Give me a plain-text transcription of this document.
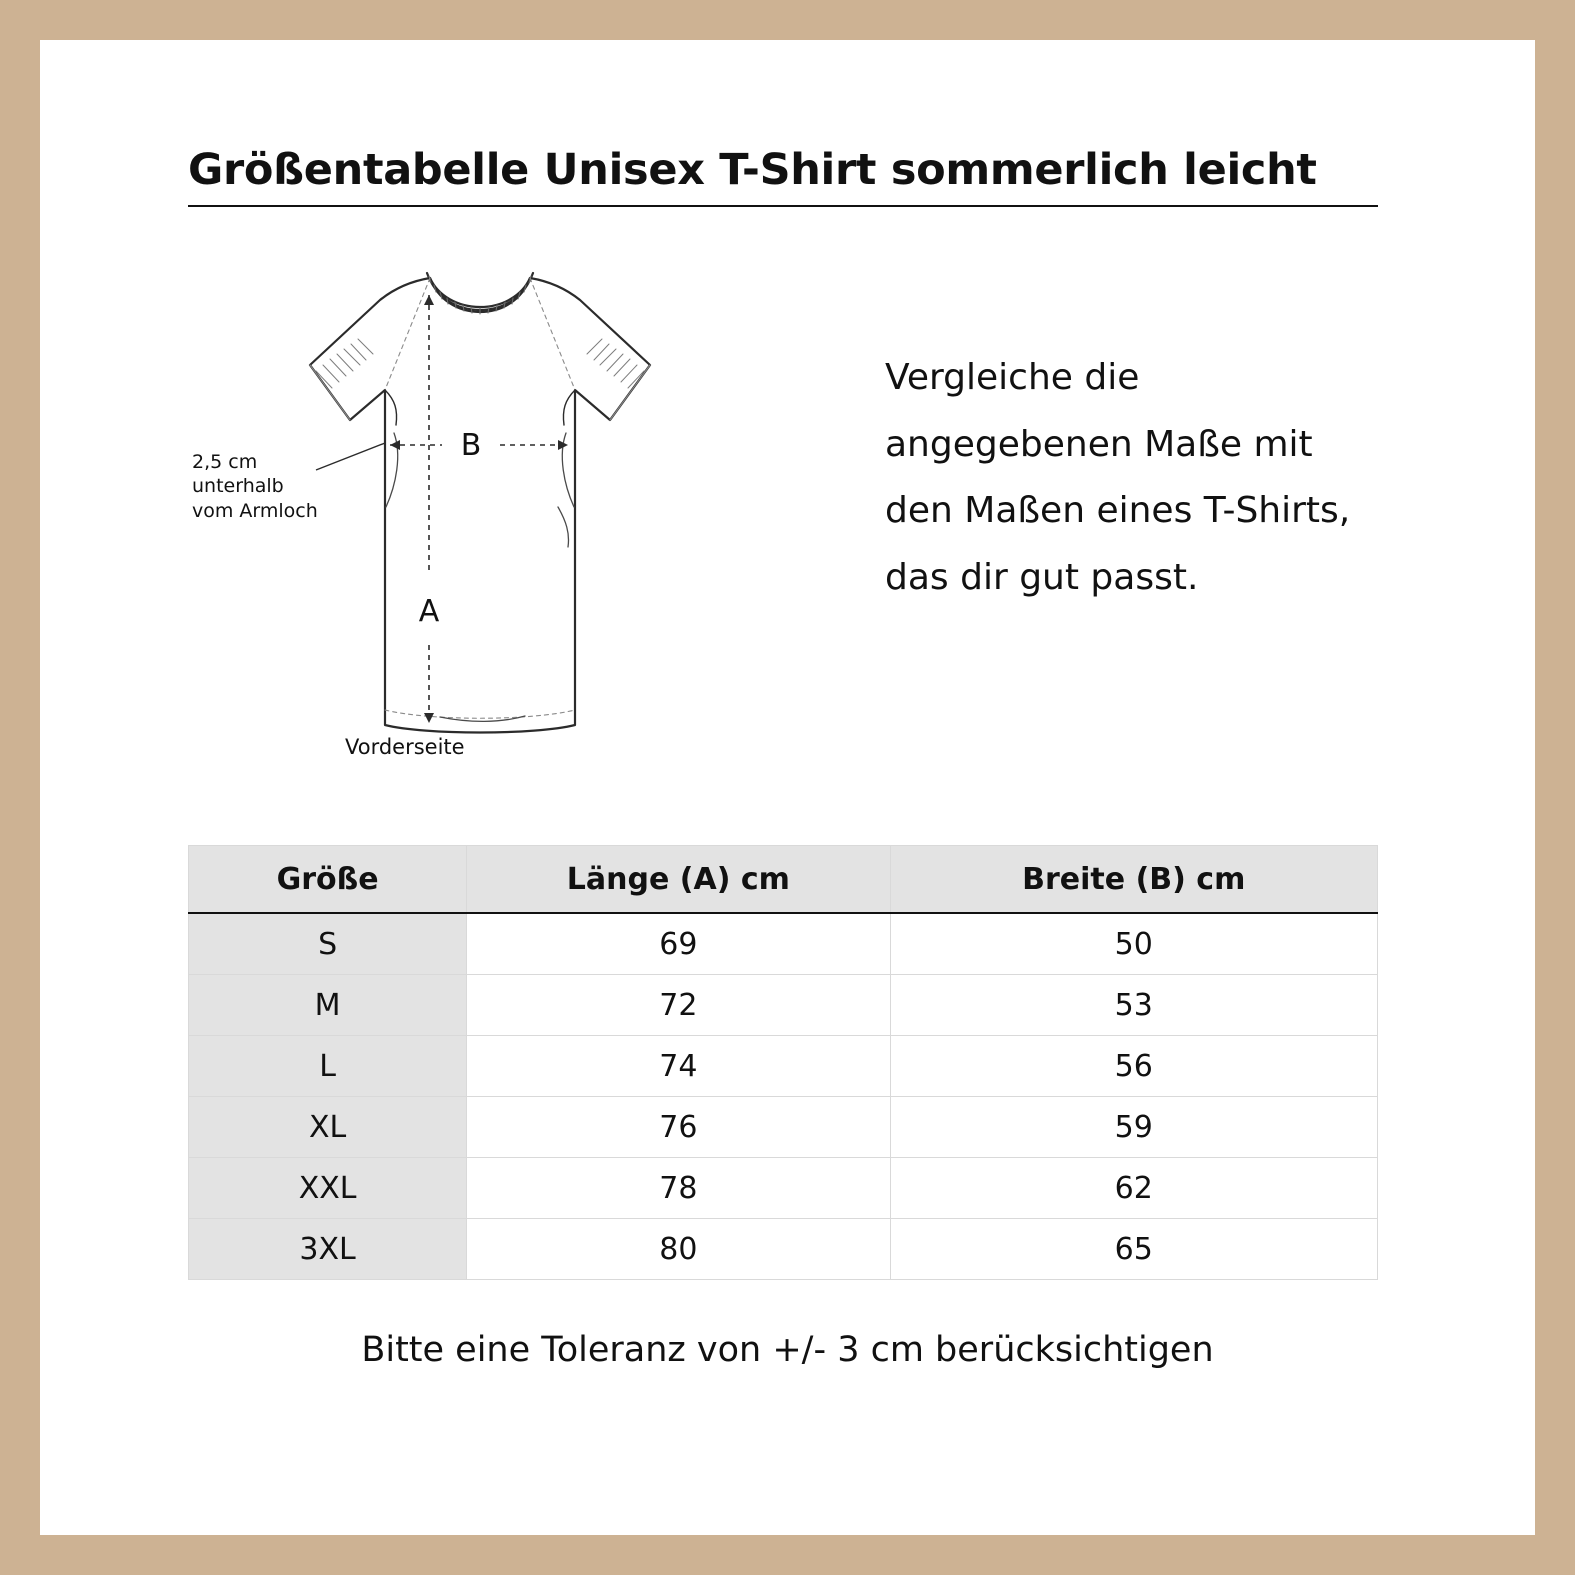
Größentabelle Unisex T-Shirt sommerlich leicht
B
A
2,5 cm unterhalb vom Armloch
Vorderseite
Vergleiche die angegebenen Maße mit den Maßen eines T-Shirts, das dir gut passt.
Größe	Länge (A) cm	Breite (B) cm
S	69	50
M	72	53
L	74	56
XL	76	59
XXL	78	62
3XL	80	65
Bitte eine Toleranz von +/- 3 cm berücksichtigen
